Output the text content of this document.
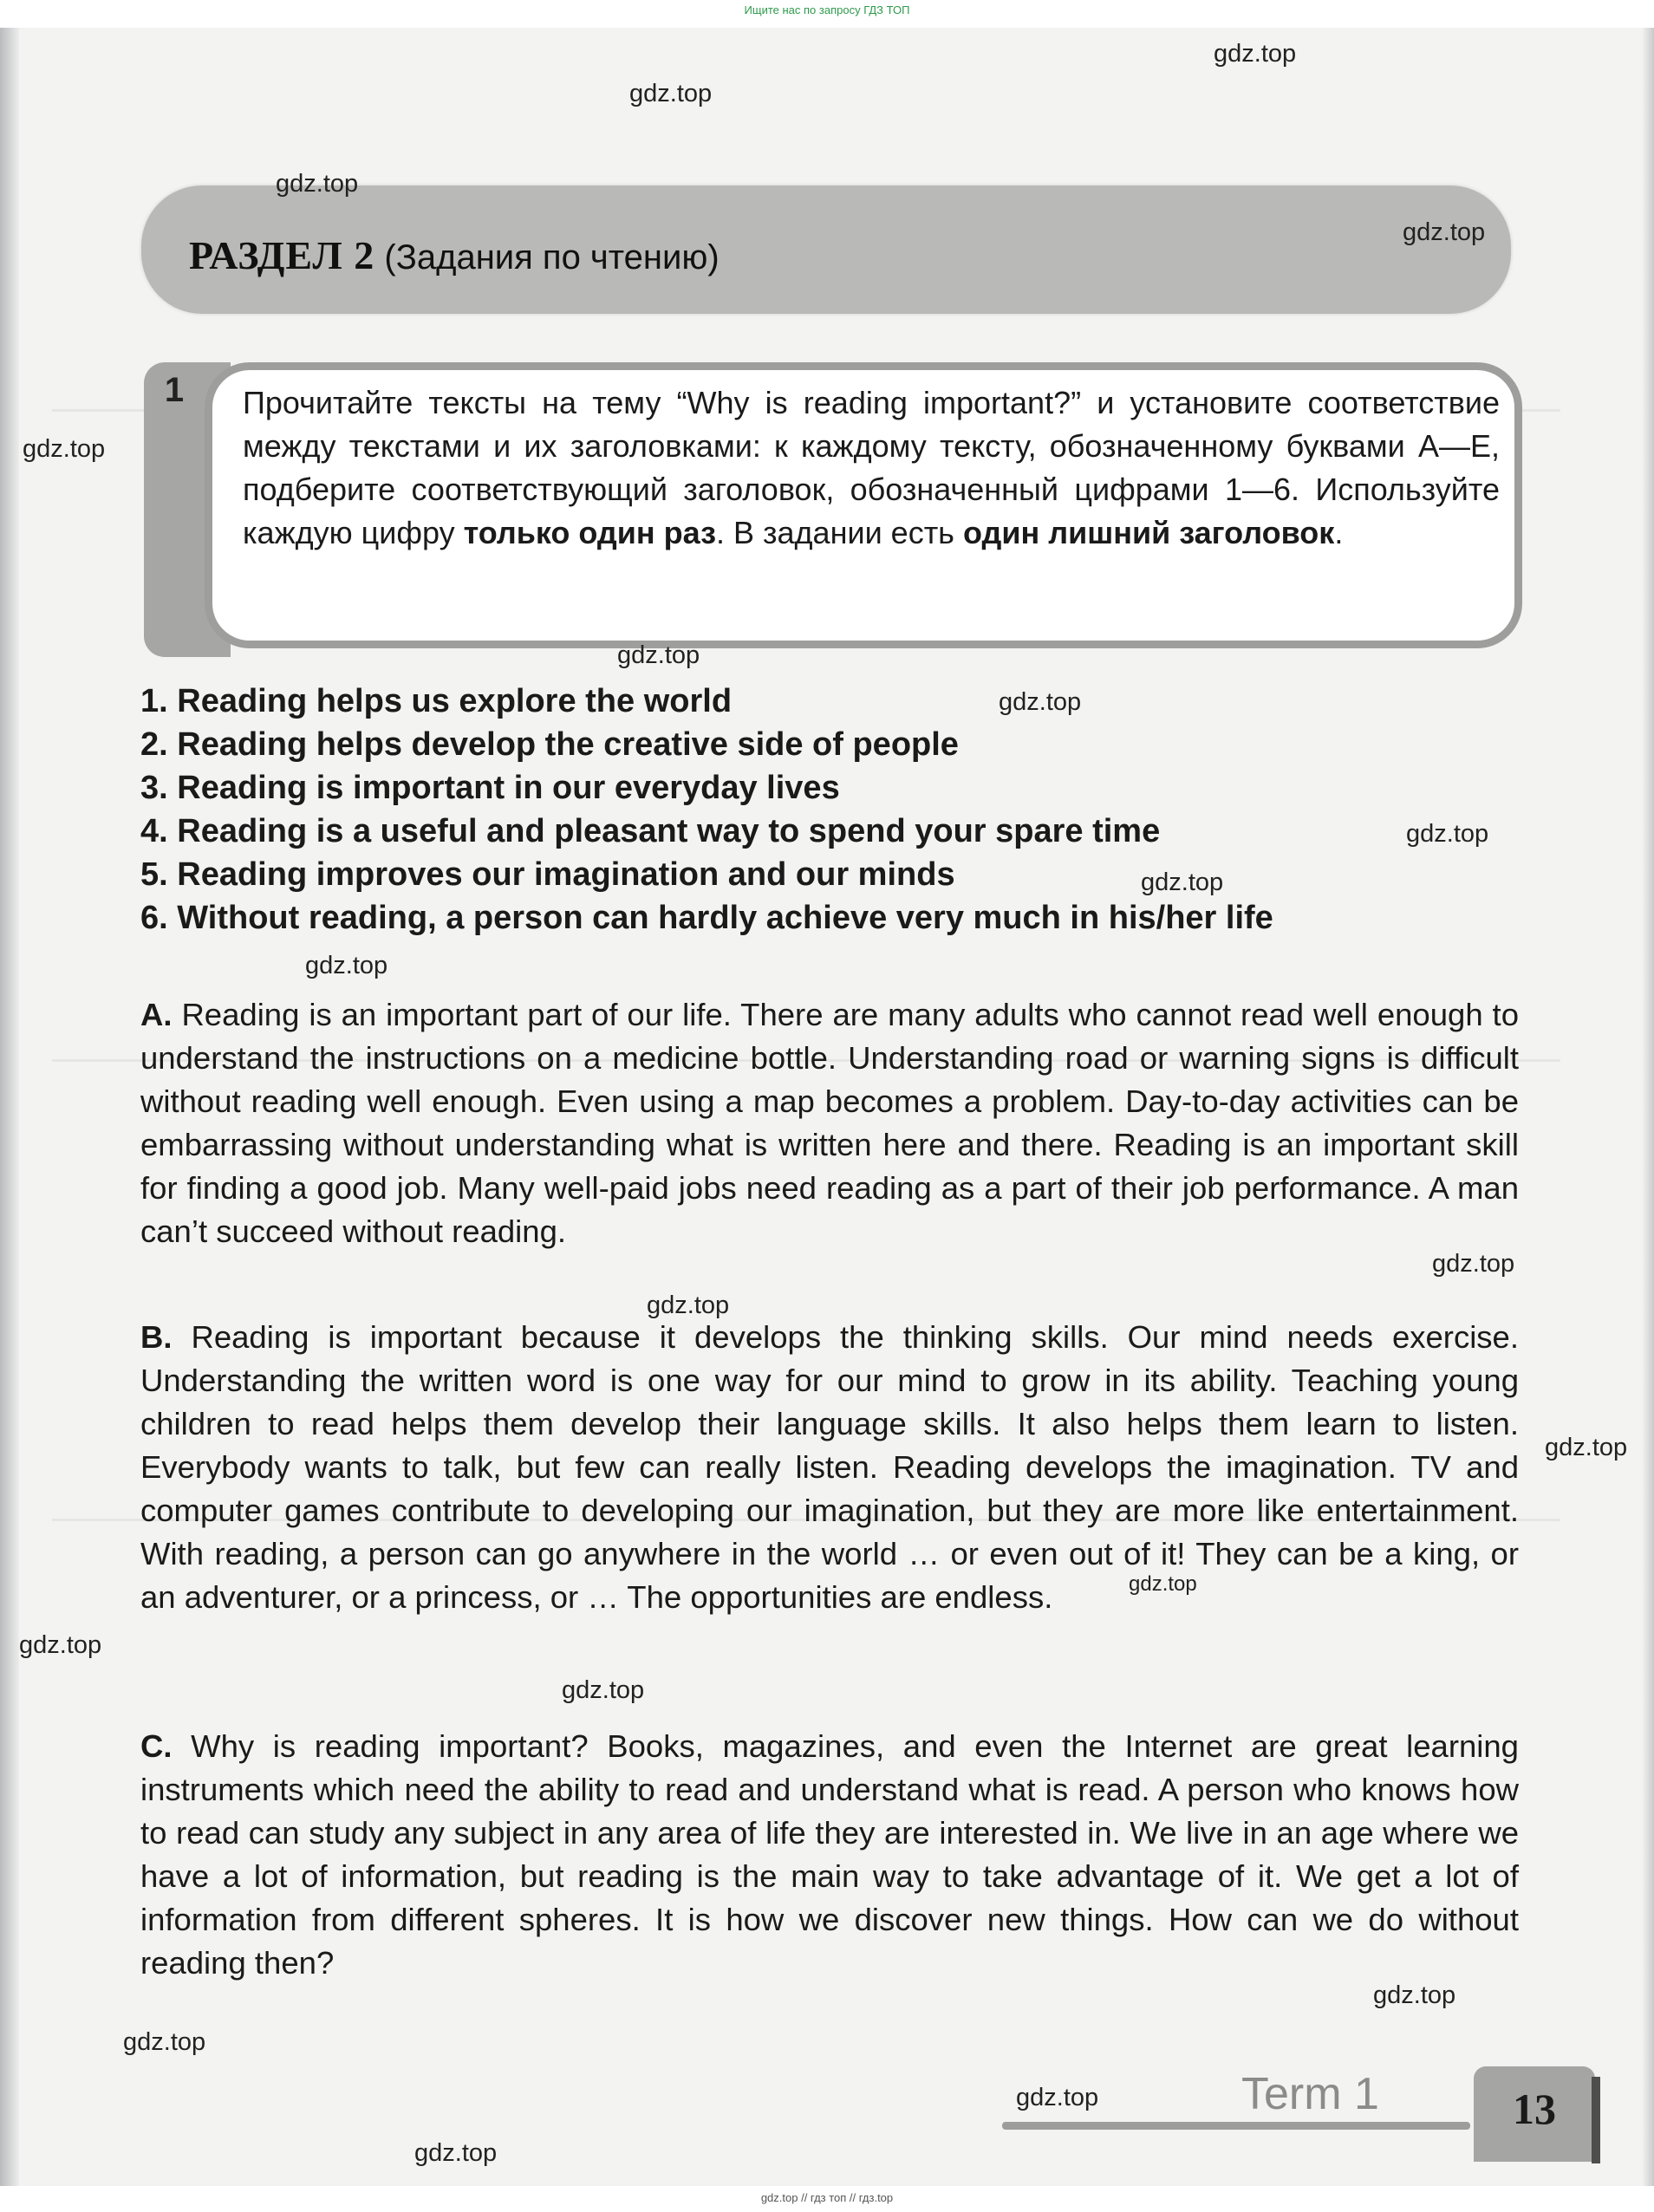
Ищите нас по запросу ГДЗ ТОП
РАЗДЕЛ 2 (Задания по чтению)
1	Прочитайте тексты на тему “Why is reading important?” и установите соответствие между текстами и их заголовками: к каждому тексту, обозначенному буквами А—Е, подберите соответствующий заголовок, обозначенный цифрами 1—6. Используйте каждую цифру только один раз. В задании есть один лишний заголовок.

1. Reading helps us explore the world
2. Reading helps develop the creative side of people
3. Reading is important in our everyday lives
4. Reading is a useful and pleasant way to spend your spare time
5. Reading improves our imagination and our minds
6. Without reading, a person can hardly achieve very much in his/her life

A. Reading is an important part of our life. There are many adults who cannot read well enough to understand the instructions on a medicine bottle. Understanding road or warning signs is difficult without reading well enough. Even using a map becomes a problem. Day-to-day activities can be embarrassing without understanding what is written here and there. Reading is an important skill for finding a good job. Many well-paid jobs need reading as a part of their job performance. A man can’t succeed without reading.

B. Reading is important because it develops the thinking skills. Our mind needs exercise. Understanding the written word is one way for our mind to grow in its ability. Teaching young children to read helps them develop their language skills. It also helps them learn to listen. Everybody wants to talk, but few can really listen. Reading develops the imagination. TV and computer games contribute to developing our imagination, but they are more like entertainment. With reading, a person can go anywhere in the world … or even out of it! They can be a king, or an adventurer, or a princess, or … The opportunities are endless.

C. Why is reading important? Books, magazines, and even the Internet are great learning instruments which need the ability to read and understand what is read. A person who knows how to read can study any subject in any area of life they are interested in. We live in an age where we have a lot of information, but reading is the main way to take advantage of it. We get a lot of information from different spheres. It is how we discover new things. How can we do without reading then?

Term 1	13
gdz.top
gdz.top
gdz.top
gdz.top
gdz.top
gdz.top
gdz.top
gdz.top
gdz.top
gdz.top
gdz.top
gdz.top
gdz.top
gdz.top
gdz.top
gdz.top
gdz.top
gdz.top
gdz.top
gdz.top
gdz.top // гдз топ // гдз.top
